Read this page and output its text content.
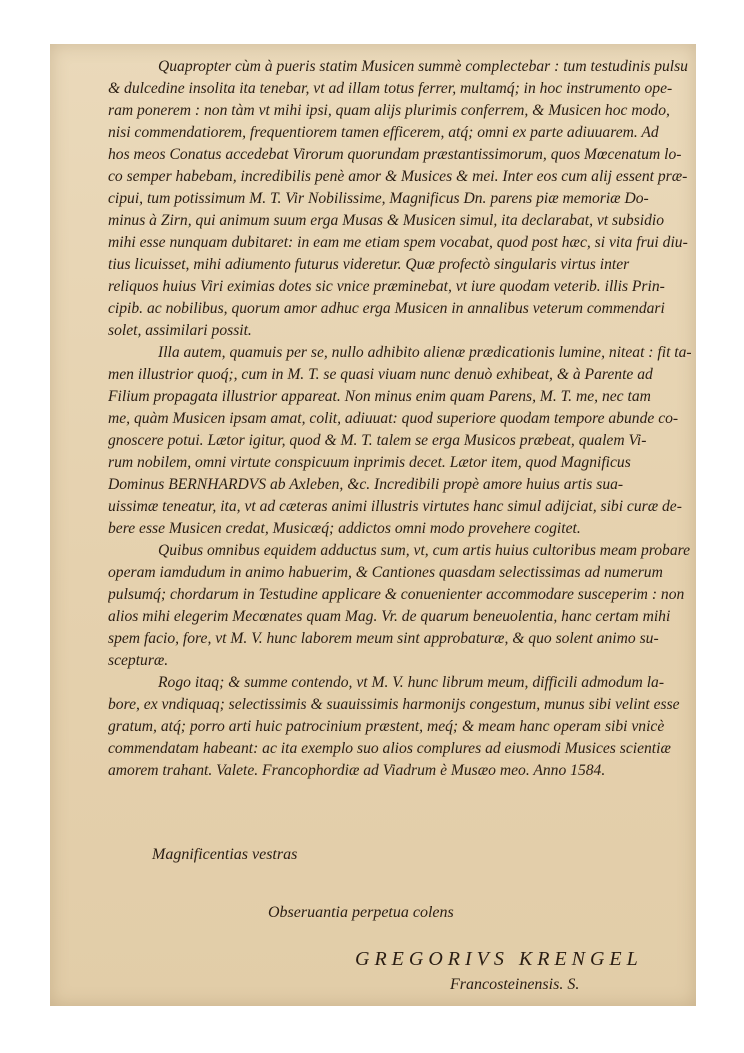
Quapropter cùm à pueris statim Musicen summè complectebar : tum testudinis pulsu
& dulcedine insolita ita tenebar, vt ad illam totus ferrer, multamq́; in hoc instrumento ope-
ram ponerem : non tàm vt mihi ipsi, quam alijs plurimis conferrem, & Musicen hoc modo,
nisi commendatiorem, frequentiorem tamen efficerem, atq́; omni ex parte adiuuarem. Ad
hos meos Conatus accedebat Virorum quorundam præstantissimorum, quos Mœcenatum lo-
co semper habebam, incredibilis penè amor & Musices & mei. Inter eos cum alij essent præ-
cipui, tum potissimum M. T. Vir Nobilissime, Magnificus Dn. parens piæ memoriæ Do-
minus à Zirn, qui animum suum erga Musas & Musicen simul, ita declarabat, vt subsidio
mihi esse nunquam dubitaret: in eam me etiam spem vocabat, quod post hæc, si vita frui diu-
tius licuisset, mihi adiumento futurus videretur. Quæ profectò singularis virtus inter
reliquos huius Viri eximias dotes sic vnice præminebat, vt iure quodam veterib. illis Prin-
cipib. ac nobilibus, quorum amor adhuc erga Musicen in annalibus veterum commendari
solet, assimilari possit.
Illa autem, quamuis per se, nullo adhibito alienæ prædicationis lumine, niteat : fit ta-
men illustrior quoq́;, cum in M. T. se quasi viuam nunc denuò exhibeat, & à Parente ad
Filium propagata illustrior appareat. Non minus enim quam Parens, M. T. me, nec tam
me, quàm Musicen ipsam amat, colit, adiuuat: quod superiore quodam tempore abunde co-
gnoscere potui. Lætor igitur, quod & M. T. talem se erga Musicos præbeat, qualem Vi-
rum nobilem, omni virtute conspicuum inprimis decet. Lætor item, quod Magnificus
Dominus BERNHARDVS ab Axleben, &c. Incredibili propè amore huius artis sua-
uissimæ teneatur, ita, vt ad cæteras animi illustris virtutes hanc simul adijciat, sibi curæ de-
bere esse Musicen credat, Musicæq́; addictos omni modo provehere cogitet.
Quibus omnibus equidem adductus sum, vt, cum artis huius cultoribus meam probare
operam iamdudum in animo habuerim, & Cantiones quasdam selectissimas ad numerum
pulsumq́; chordarum in Testudine applicare & conuenienter accommodare susceperim : non
alios mihi elegerim Mecœnates quam Mag. Vr. de quarum beneuolentia, hanc certam mihi
spem facio, fore, vt M. V. hunc laborem meum sint approbaturæ, & quo solent animo su-
scepturæ.
Rogo itaq; & summe contendo, vt M. V. hunc librum meum, difficili admodum la-
bore, ex vndiquaq; selectissimis & suauissimis harmonijs congestum, munus sibi velint esse
gratum, atq́; porro arti huic patrocinium præstent, meq́; & meam hanc operam sibi vnicè
commendatam habeant: ac ita exemplo suo alios complures ad eiusmodi Musices scientiæ
amorem trahant. Valete. Francophordiæ ad Viadrum è Musæo meo. Anno 1584.
Magnificentias vestras
Obseruantia perpetua colens
GREGORIVS KRENGEL
Francosteinensis. S.
